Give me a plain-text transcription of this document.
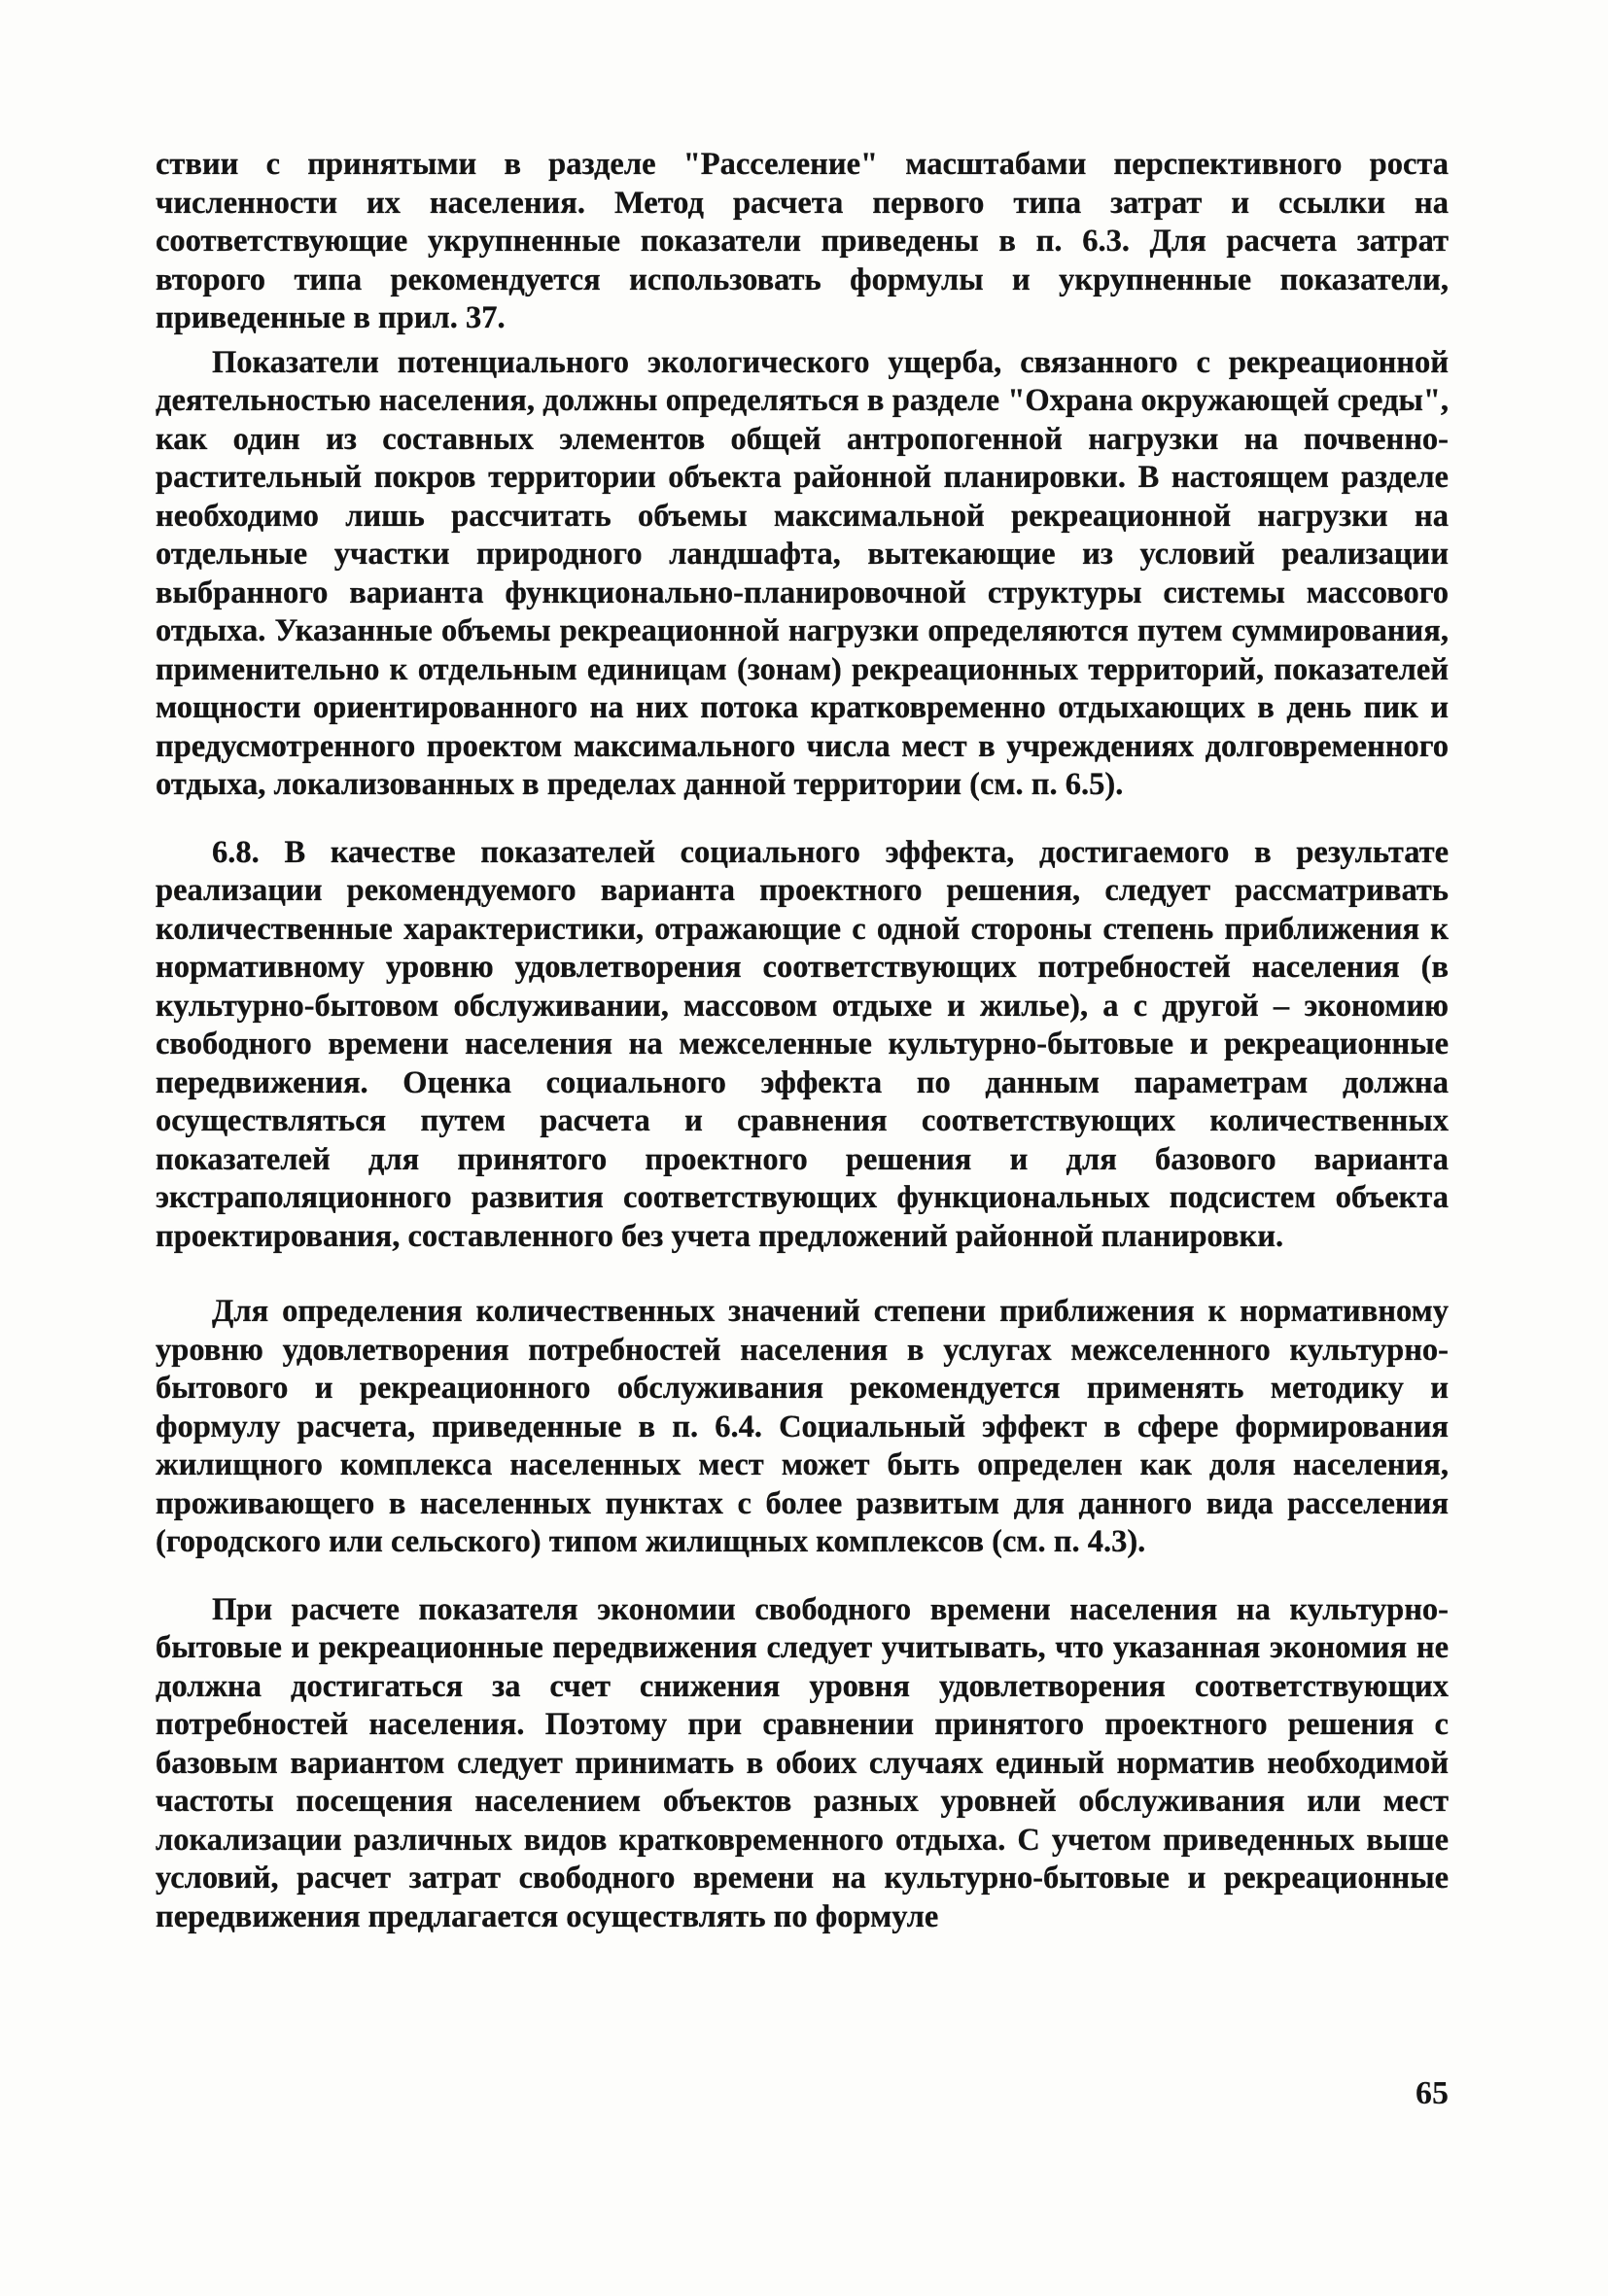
ствии с принятыми в разделе "Расселение" масштабами перспективного роста численности их населения. Метод расчета первого типа затрат и ссылки на соответствующие укрупненные показатели приведены в п. 6.3. Для расчета затрат второго типа рекомендуется использовать формулы и укрупненные показатели, приведенные в прил. 37.

Показатели потенциального экологического ущерба, связанного с рекреационной деятельностью населения, должны определяться в разделе "Охрана окружающей среды", как один из составных элементов общей антропогенной нагрузки на почвенно-растительный покров территории объекта районной планировки. В настоящем разделе необходимо лишь рассчитать объемы максимальной рекреационной нагрузки на отдельные участки природного ландшафта, вытекающие из условий реализации выбранного варианта функционально-планировочной структуры системы массового отдыха. Указанные объемы рекреационной нагрузки определяются путем суммирования, применительно к отдельным единицам (зонам) рекреационных территорий, показателей мощности ориентированного на них потока кратковременно отдыхающих в день пик и предусмотренного проектом максимального числа мест в учреждениях долговременного отдыха, локализованных в пределах данной территории (см. п. 6.5).

6.8. В качестве показателей социального эффекта, достигаемого в результате реализации рекомендуемого варианта проектного решения, следует рассматривать количественные характеристики, отражающие с одной стороны степень приближения к нормативному уровню удовлетворения соответствующих потребностей населения (в культурно-бытовом обслуживании, массовом отдыхе и жилье), а с другой – экономию свободного времени населения на межселенные культурно-бытовые и рекреационные передвижения. Оценка социального эффекта по данным параметрам должна осуществляться путем расчета и сравнения соответствующих количественных показателей для принятого проектного решения и для базового варианта экстраполяционного развития соответствующих функциональных подсистем объекта проектирования, составленного без учета предложений районной планировки.

Для определения количественных значений степени приближения к нормативному уровню удовлетворения потребностей населения в услугах межселенного культурно-бытового и рекреационного обслуживания рекомендуется применять методику и формулу расчета, приведенные в п. 6.4. Социальный эффект в сфере формирования жилищного комплекса населенных мест может быть определен как доля населения, проживающего в населенных пунктах с более развитым для данного вида расселения (городского или сельского) типом жилищных комплексов (см. п. 4.3).

При расчете показателя экономии свободного времени населения на культурно-бытовые и рекреационные передвижения следует учитывать, что указанная экономия не должна достигаться за счет снижения уровня удовлетворения соответствующих потребностей населения. Поэтому при сравнении принятого проектного решения с базовым вариантом следует принимать в обоих случаях единый норматив необходимой частоты посещения населением объектов разных уровней обслуживания или мест локализации различных видов кратковременного отдыха. С учетом приведенных выше условий, расчет затрат свободного времени на культурно-бытовые и рекреационные передвижения предлагается осуществлять по формуле

65
